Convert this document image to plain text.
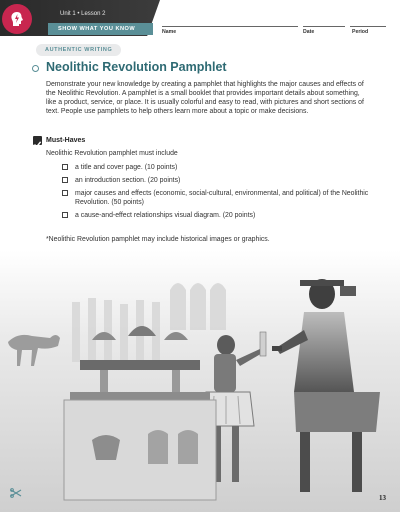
Unit 1 • Lesson 2
SHOW WHAT YOU KNOW	Name	Date	Period
AUTHENTIC WRITING
Neolithic Revolution Pamphlet

Demonstrate your new knowledge by creating a pamphlet that highlights the major causes and effects of the Neolithic Revolution. A pamphlet is a small booklet that provides important details about something, like a product, service, or place. It is usually colorful and easy to read, with pictures and short sections of text. People use pamphlets to help others learn more about a topic or make decisions.

Must-Haves
Neolithic Revolution pamphlet must include
a title and cover page. (10 points)
an introduction section. (20 points)
major causes and effects (economic, social-cultural, environmental, and political) of the Neolithic Revolution. (50 points)
a cause-and-effect relationships visual diagram. (20 points)
*Neolithic Revolution pamphlet may include historical images or graphics.
13
